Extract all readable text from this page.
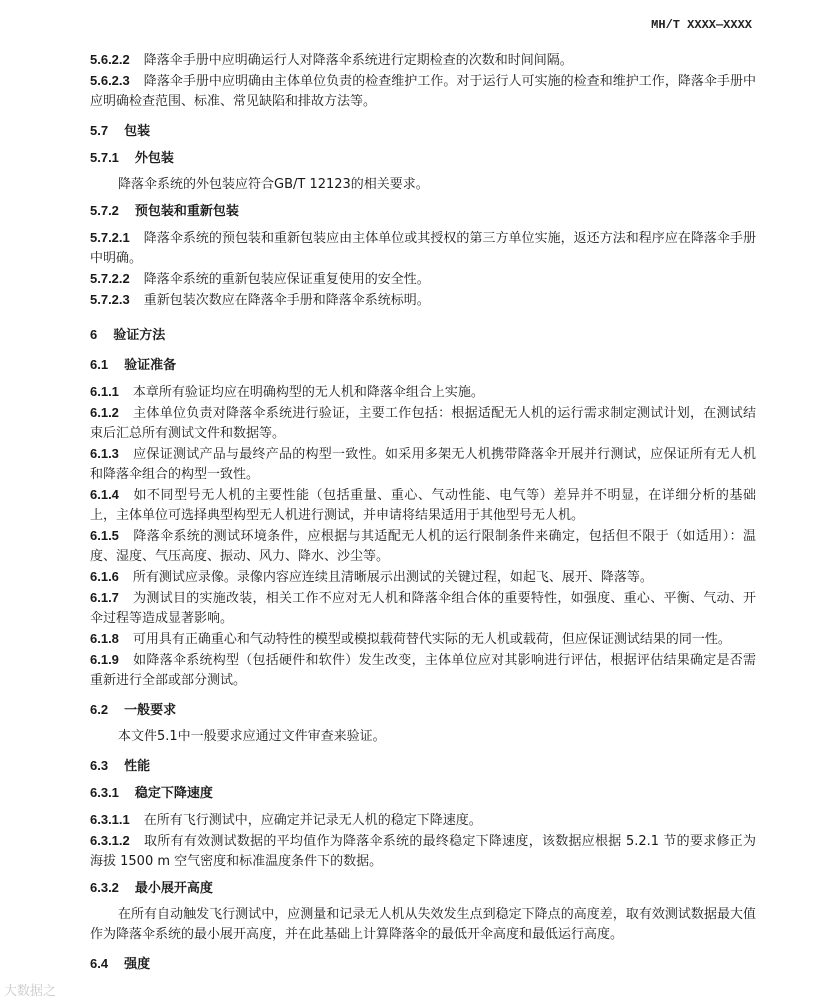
MH/T XXXX—XXXX

5.6.2.2 降落伞手册中应明确运行人对降落伞系统进行定期检查的次数和时间间隔。

5.6.2.3 降落伞手册中应明确由主体单位负责的检查维护工作。对于运行人可实施的检查和维护工作，降落伞手册中应明确检查范围、标准、常见缺陷和排故方法等。

5.7 包装

5.7.1 外包装

降落伞系统的外包装应符合GB/T 12123的相关要求。

5.7.2 预包装和重新包装

5.7.2.1 降落伞系统的预包装和重新包装应由主体单位或其授权的第三方单位实施，返还方法和程序应在降落伞手册中明确。

5.7.2.2 降落伞系统的重新包装应保证重复使用的安全性。

5.7.2.3 重新包装次数应在降落伞手册和降落伞系统标明。

6 验证方法

6.1 验证准备

6.1.1 本章所有验证均应在明确构型的无人机和降落伞组合上实施。

6.1.2 主体单位负责对降落伞系统进行验证，主要工作包括：根据适配无人机的运行需求制定测试计划，在测试结束后汇总所有测试文件和数据等。

6.1.3 应保证测试产品与最终产品的构型一致性。如采用多架无人机携带降落伞开展并行测试，应保证所有无人机和降落伞组合的构型一致性。

6.1.4 如不同型号无人机的主要性能（包括重量、重心、气动性能、电气等）差异并不明显，在详细分析的基础上，主体单位可选择典型构型无人机进行测试，并申请将结果适用于其他型号无人机。

6.1.5 降落伞系统的测试环境条件，应根据与其适配无人机的运行限制条件来确定，包括但不限于（如适用）：温度、湿度、气压高度、振动、风力、降水、沙尘等。

6.1.6 所有测试应录像。录像内容应连续且清晰展示出测试的关键过程，如起飞、展开、降落等。

6.1.7 为测试目的实施改装，相关工作不应对无人机和降落伞组合体的重要特性，如强度、重心、平衡、气动、开伞过程等造成显著影响。

6.1.8 可用具有正确重心和气动特性的模型或模拟载荷替代实际的无人机或载荷，但应保证测试结果的同一性。

6.1.9 如降落伞系统构型（包括硬件和软件）发生改变，主体单位应对其影响进行评估，根据评估结果确定是否需重新进行全部或部分测试。

6.2 一般要求

本文件5.1中一般要求应通过文件审查来验证。

6.3 性能

6.3.1 稳定下降速度

6.3.1.1 在所有飞行测试中，应确定并记录无人机的稳定下降速度。

6.3.1.2 取所有有效测试数据的平均值作为降落伞系统的最终稳定下降速度，该数据应根据 5.2.1 节的要求修正为海拔 1500 m 空气密度和标准温度条件下的数据。

6.3.2 最小展开高度

在所有自动触发飞行测试中，应测量和记录无人机从失效发生点到稳定下降点的高度差，取有效测试数据最大值作为降落伞系统的最小展开高度，并在此基础上计算降落伞的最低开伞高度和最低运行高度。

6.4 强度

大数据之
